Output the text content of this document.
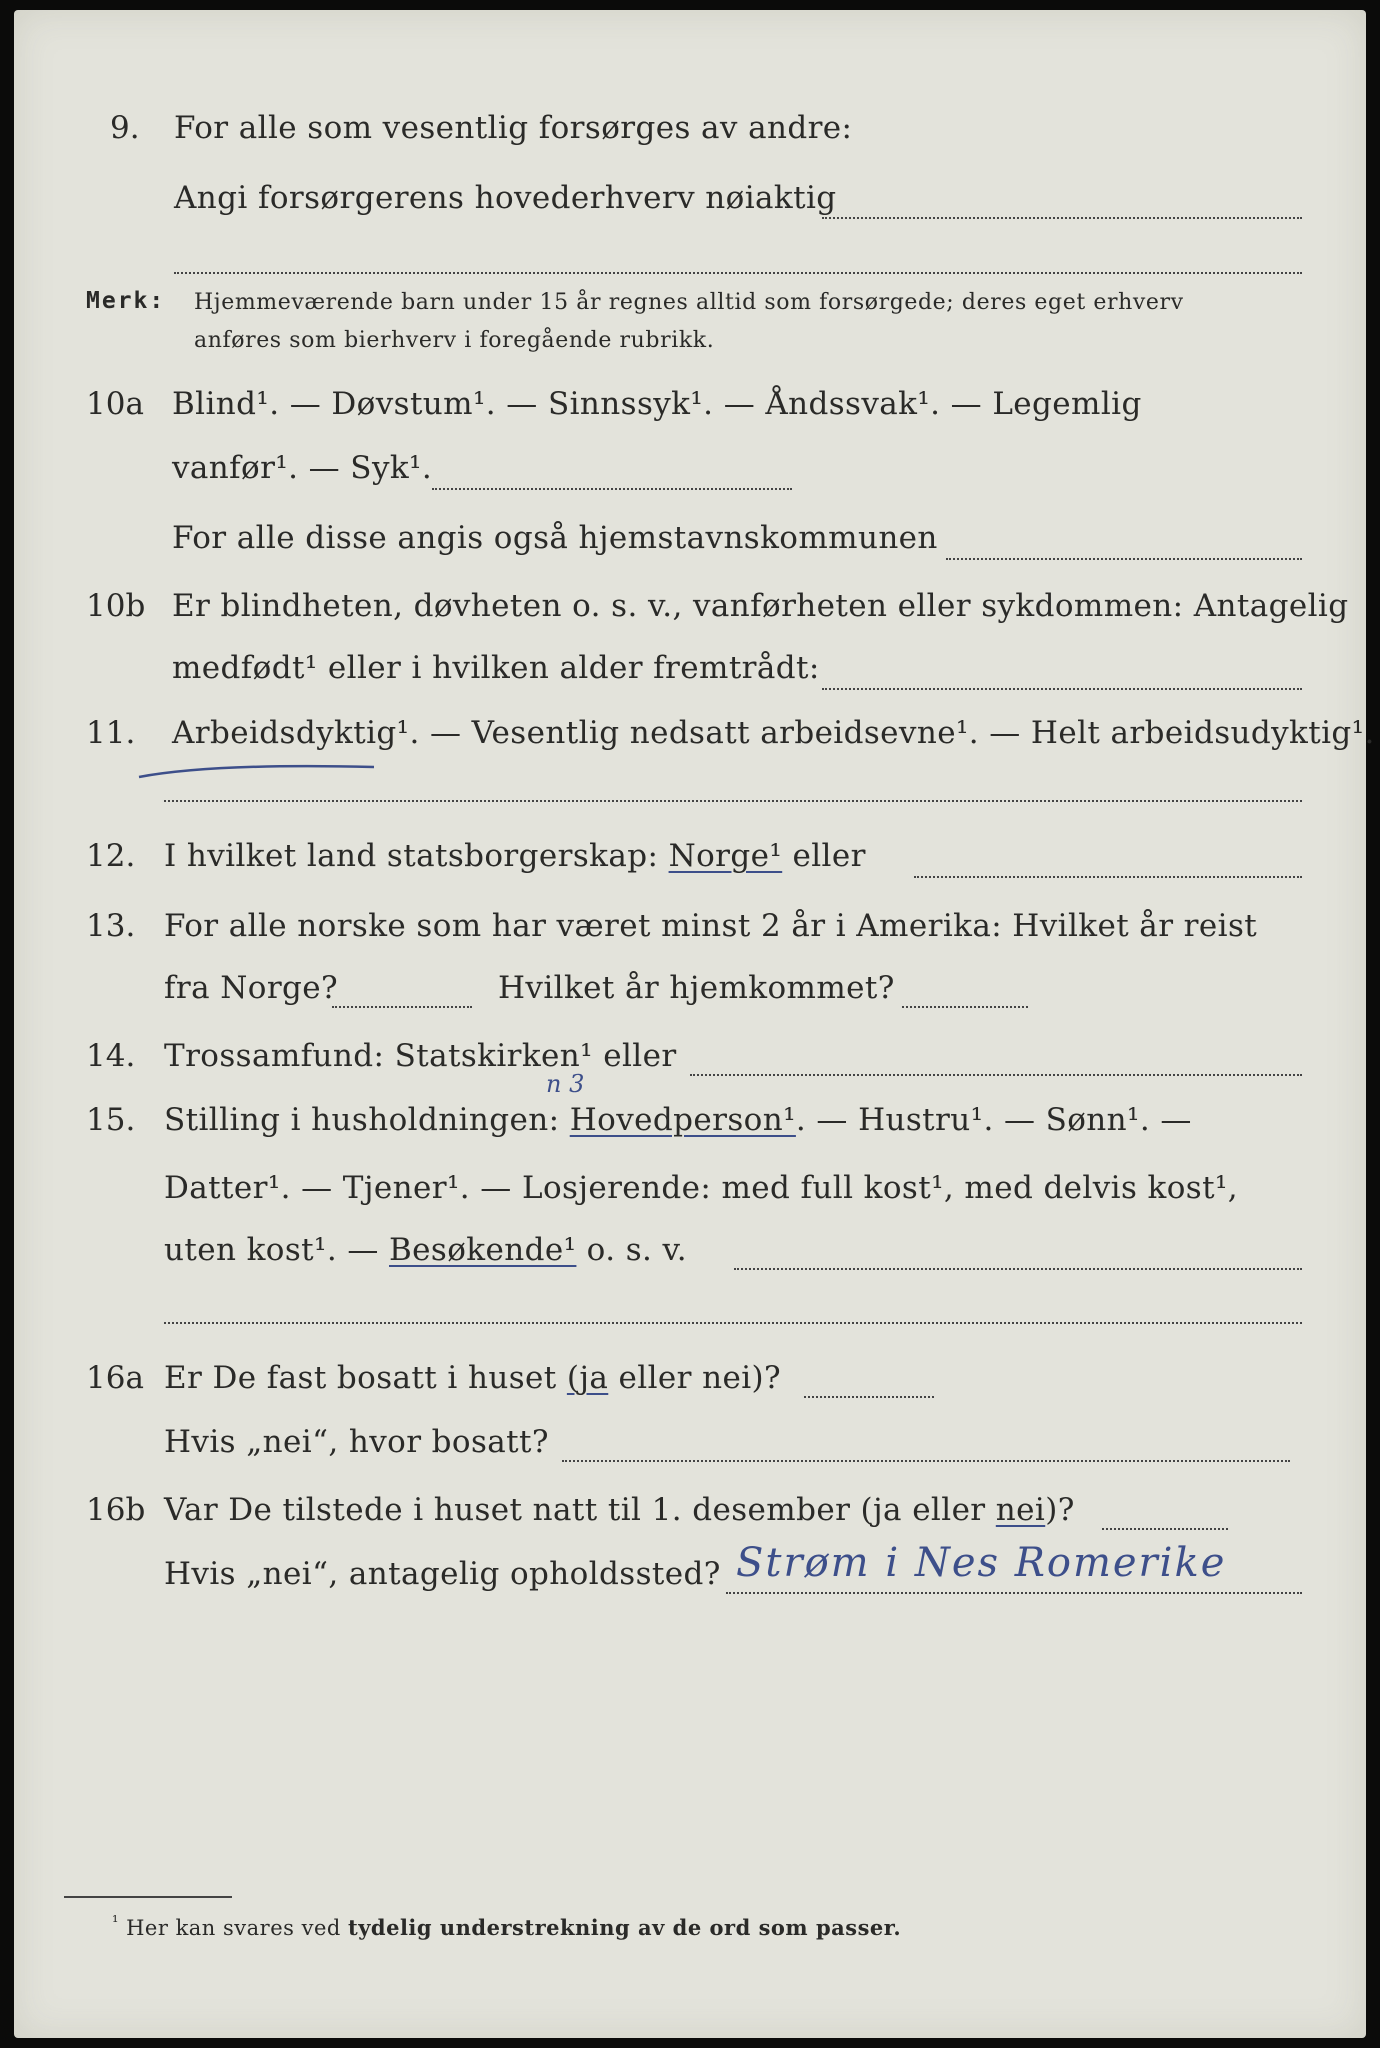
9. For alle som vesentlig forsørges av andre:
Angi forsørgerens hovederhverv nøiaktig
Merk: Hjemmeværende barn under 15 år regnes alltid som forsørgede; deres eget erhverv
anføres som bierhverv i foregående rubrikk.
10a Blind¹. — Døvstum¹. — Sinnssyk¹. — Åndssvak¹. — Legemlig
vanfør¹. — Syk¹.
For alle disse angis også hjemstavnskommunen
10b Er blindheten, døvheten o. s. v., vanførheten eller sykdommen: Antagelig
medfødt¹ eller i hvilken alder fremtrådt:
11. Arbeidsdyktig¹. — Vesentlig nedsatt arbeidsevne¹. — Helt arbeidsudyktig¹.
12. I hvilket land statsborgerskap: Norge¹ eller
13. For alle norske som har været minst 2 år i Amerika: Hvilket år reist
fra Norge?	Hvilket år hjemkommet?
14. Trossamfund: Statskirken¹ eller
n 3
15. Stilling i husholdningen: Hovedperson¹. — Hustru¹. — Sønn¹. —
Datter¹. — Tjener¹. — Losjerende: med full kost¹, med delvis kost¹,
uten kost¹. — Besøkende¹ o. s. v.
16a Er De fast bosatt i huset (ja eller nei)?
Hvis „nei“, hvor bosatt?
16b Var De tilstede i huset natt til 1. desember (ja eller nei)?
Hvis „nei“, antagelig opholdssted? Strøm i Nes Romerike
$^{^1}$ Her kan svares ved tydelig understrekning av de ord som passer.
